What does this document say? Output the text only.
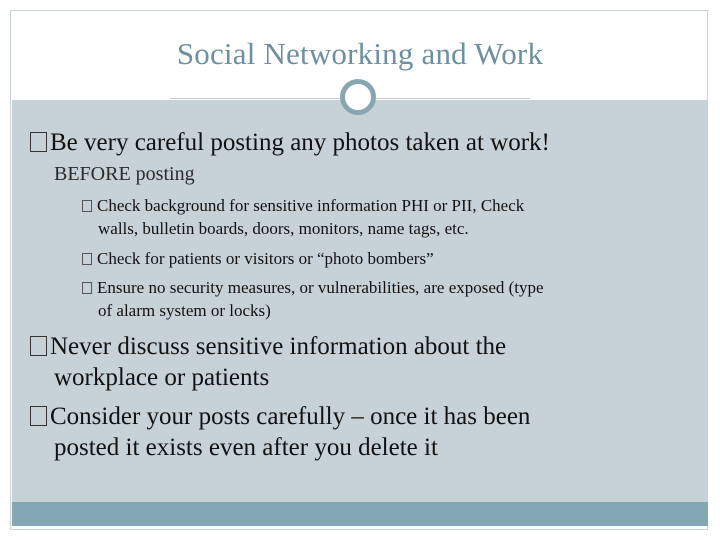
Social Networking and Work
Be very careful posting any photos taken at work!
BEFORE posting
Check background for sensitive information PHI or PII, Check
walls, bulletin boards, doors, monitors, name tags, etc.
Check for patients or visitors or “photo bombers”
Ensure no security measures, or vulnerabilities, are exposed (type
of alarm system or locks)
Never discuss sensitive information about the
workplace or patients
Consider your posts carefully – once it has been
posted it exists even after you delete it
